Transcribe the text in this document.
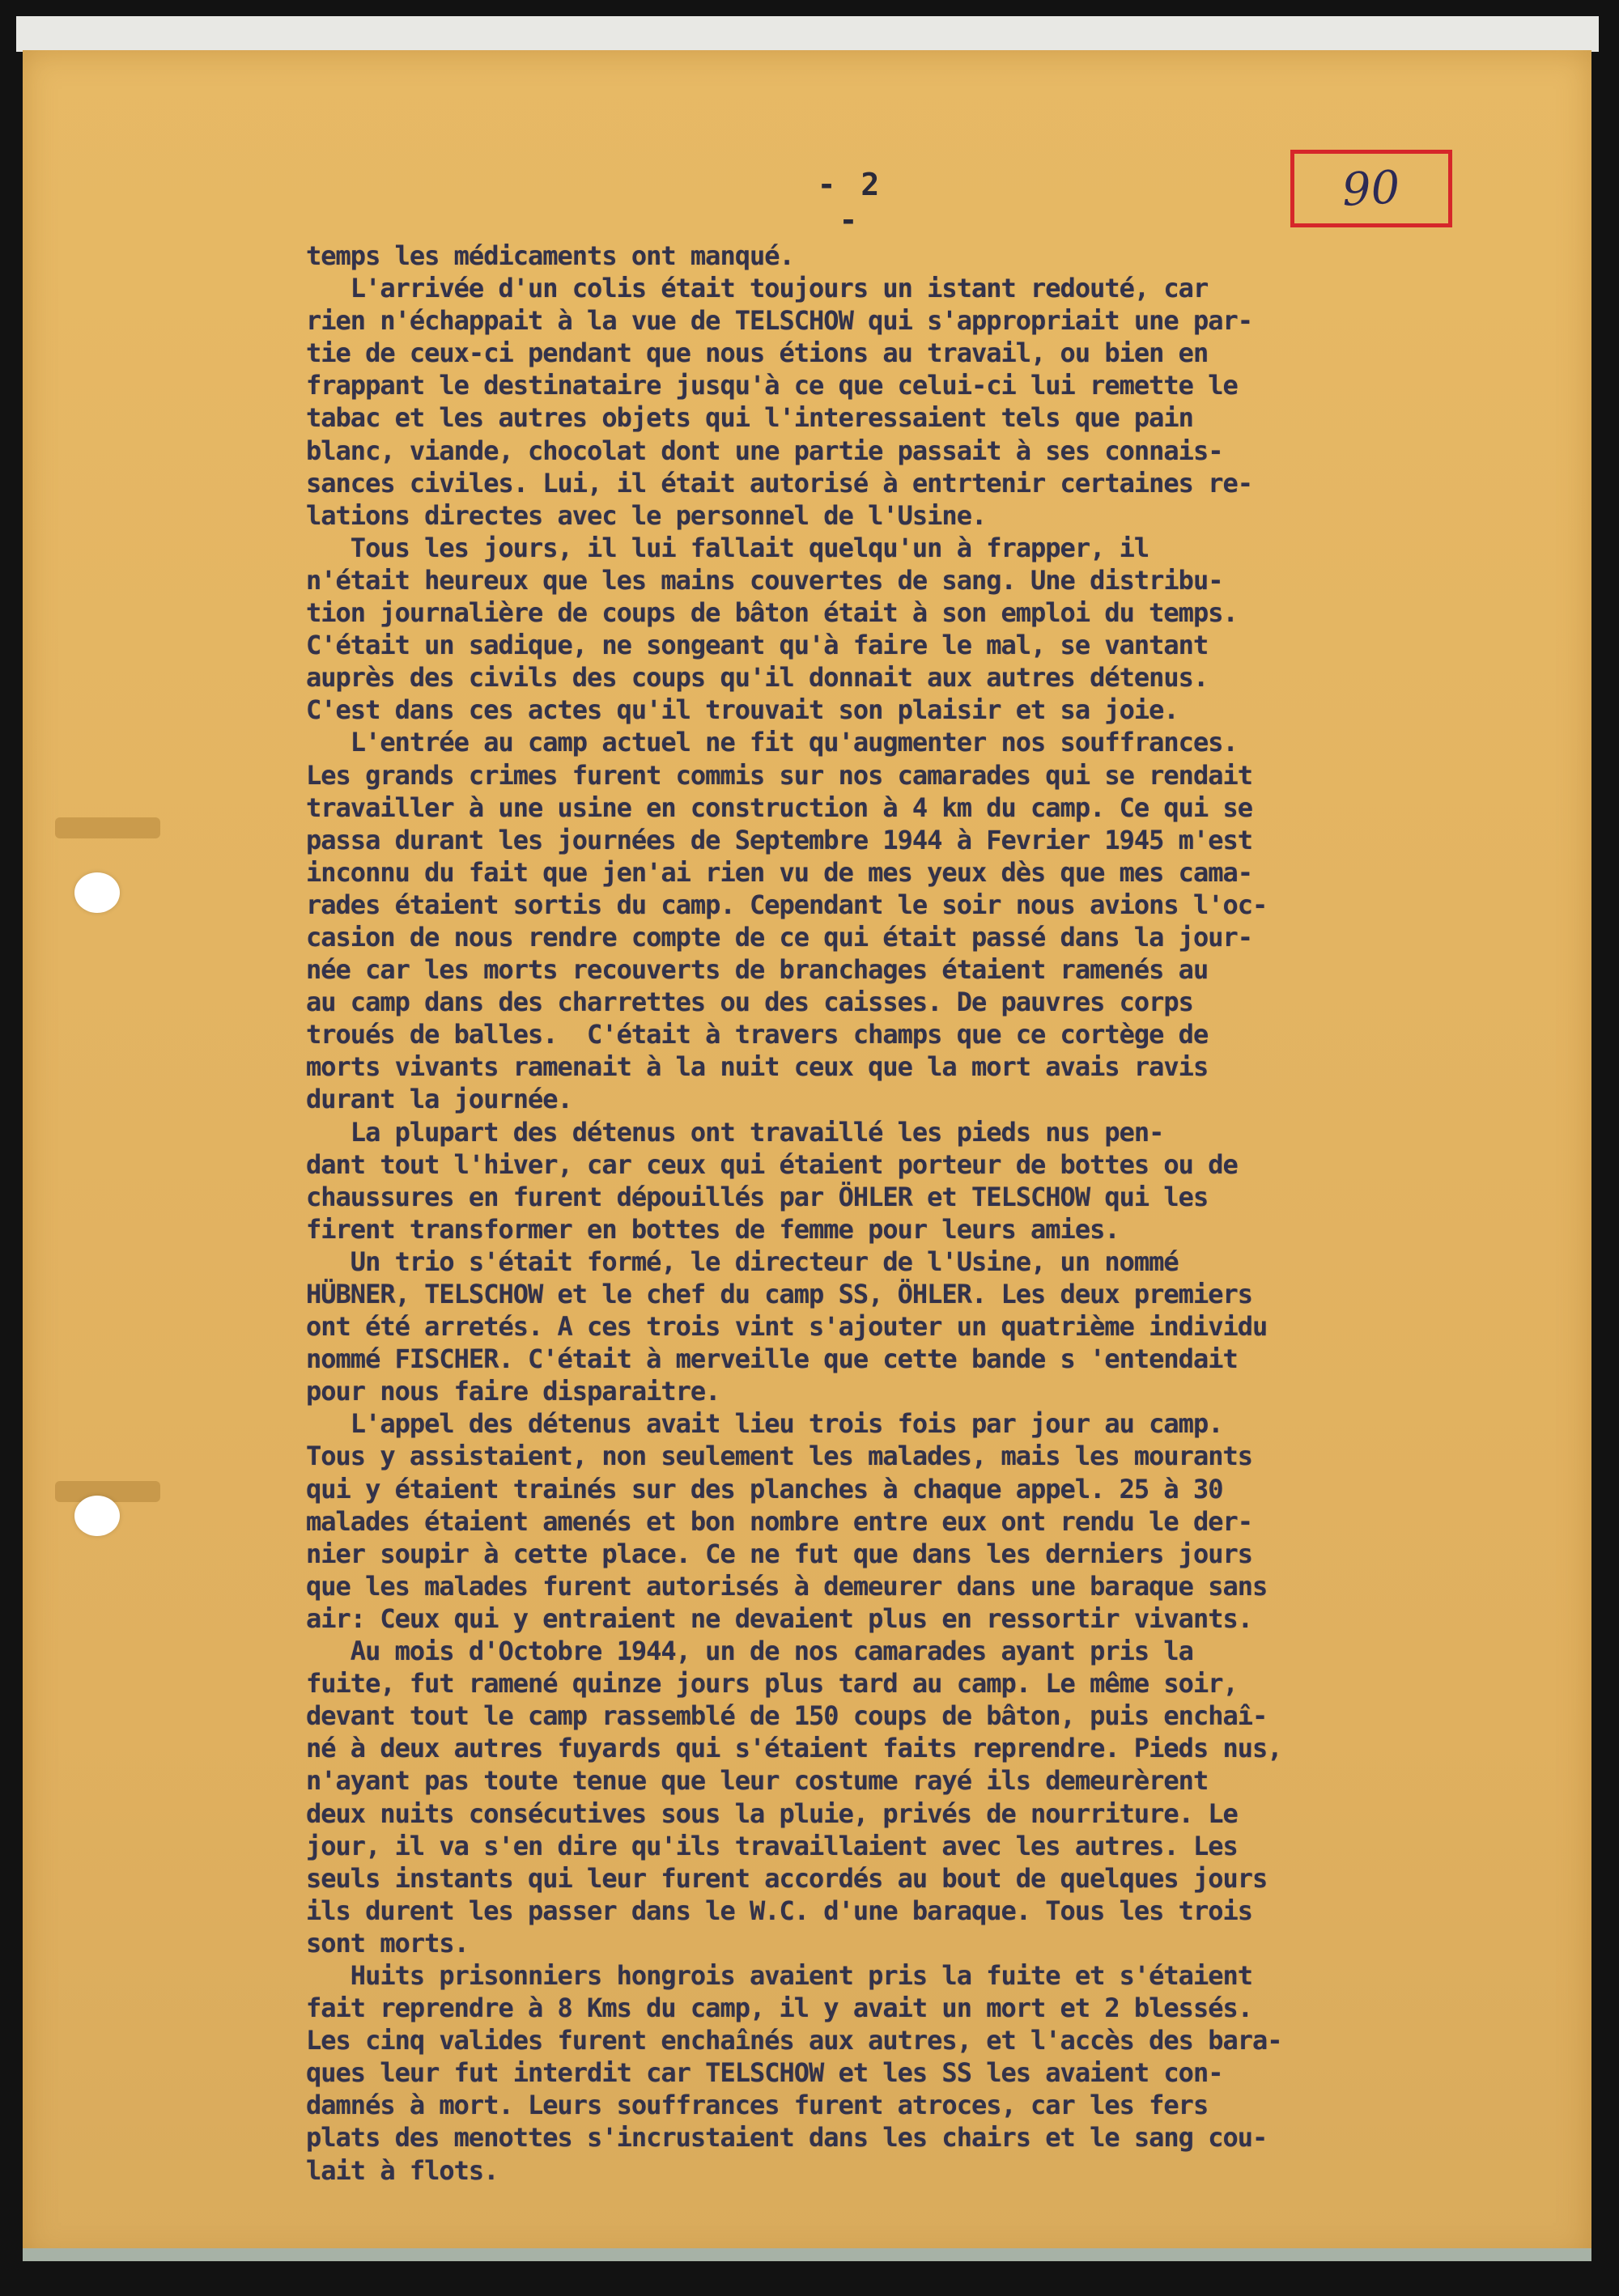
- 2 -
90
temps les médicaments ont manqué.
L'arrivée d'un colis était toujours un istant redouté, car
rien n'échappait à la vue de TELSCHOW qui s'appropriait une par-
tie de ceux-ci pendant que nous étions au travail, ou bien en
frappant le destinataire jusqu'à ce que celui-ci lui remette le
tabac et les autres objets qui l'interessaient tels que pain
blanc, viande, chocolat dont une partie passait à ses connais-
sances civiles. Lui, il était autorisé à entrtenir certaines re-
lations directes avec le personnel de l'Usine.
Tous les jours, il lui fallait quelqu'un à frapper, il
n'était heureux que les mains couvertes de sang. Une distribu-
tion journalière de coups de bâton était à son emploi du temps.
C'était un sadique, ne songeant qu'à faire le mal, se vantant
auprès des civils des coups qu'il donnait aux autres détenus.
C'est dans ces actes qu'il trouvait son plaisir et sa joie.
L'entrée au camp actuel ne fit qu'augmenter nos souffrances.
Les grands crimes furent commis sur nos camarades qui se rendait
travailler à une usine en construction à 4 km du camp. Ce qui se
passa durant les journées de Septembre 1944 à Fevrier 1945 m'est
inconnu du fait que jen'ai rien vu de mes yeux dès que mes cama-
rades étaient sortis du camp. Cependant le soir nous avions l'oc-
casion de nous rendre compte de ce qui était passé dans la jour-
née car les morts recouverts de branchages étaient ramenés au
au camp dans des charrettes ou des caisses. De pauvres corps
troués de balles.  C'était à travers champs que ce cortège de
morts vivants ramenait à la nuit ceux que la mort avais ravis
durant la journée.
La plupart des détenus ont travaillé les pieds nus pen-
dant tout l'hiver, car ceux qui étaient porteur de bottes ou de
chaussures en furent dépouillés par ÖHLER et TELSCHOW qui les
firent transformer en bottes de femme pour leurs amies.
Un trio s'était formé, le directeur de l'Usine, un nommé
HÜBNER, TELSCHOW et le chef du camp SS, ÖHLER. Les deux premiers
ont été arretés. A ces trois vint s'ajouter un quatrième individu
nommé FISCHER. C'était à merveille que cette bande s 'entendait
pour nous faire disparaitre.
L'appel des détenus avait lieu trois fois par jour au camp.
Tous y assistaient, non seulement les malades, mais les mourants
qui y étaient trainés sur des planches à chaque appel. 25 à 30
malades étaient amenés et bon nombre entre eux ont rendu le der-
nier soupir à cette place. Ce ne fut que dans les derniers jours
que les malades furent autorisés à demeurer dans une baraque sans
air: Ceux qui y entraient ne devaient plus en ressortir vivants.
Au mois d'Octobre 1944, un de nos camarades ayant pris la
fuite, fut ramené quinze jours plus tard au camp. Le même soir,
devant tout le camp rassemblé de 150 coups de bâton, puis enchaî-
né à deux autres fuyards qui s'étaient faits reprendre. Pieds nus,
n'ayant pas toute tenue que leur costume rayé ils demeurèrent
deux nuits consécutives sous la pluie, privés de nourriture. Le
jour, il va s'en dire qu'ils travaillaient avec les autres. Les
seuls instants qui leur furent accordés au bout de quelques jours
ils durent les passer dans le W.C. d'une baraque. Tous les trois
sont morts.
Huits prisonniers hongrois avaient pris la fuite et s'étaient
fait reprendre à 8 Kms du camp, il y avait un mort et 2 blessés.
Les cinq valides furent enchaînés aux autres, et l'accès des bara-
ques leur fut interdit car TELSCHOW et les SS les avaient con-
damnés à mort. Leurs souffrances furent atroces, car les fers
plats des menottes s'incrustaient dans les chairs et le sang cou-
lait à flots.
